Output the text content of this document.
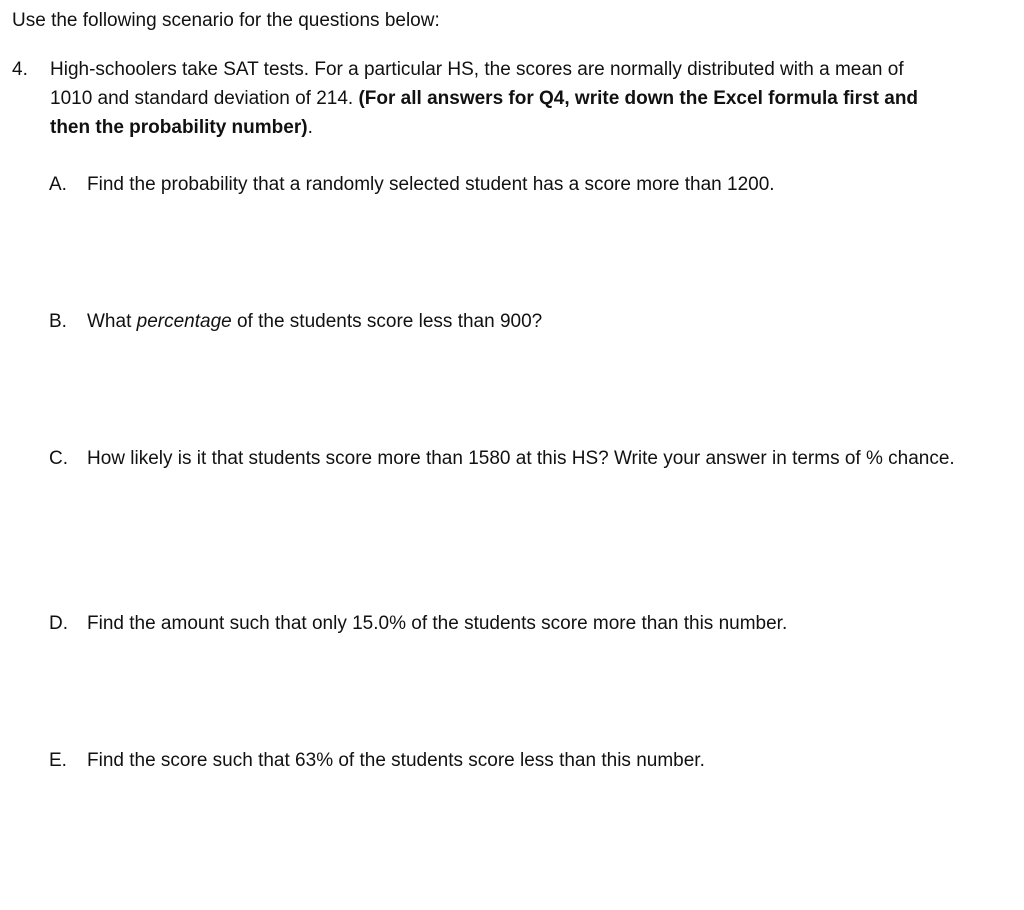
Use the following scenario for the questions below:
4. High-schoolers take SAT tests. For a particular HS, the scores are normally distributed with a mean of 1010 and standard deviation of 214. (For all answers for Q4, write down the Excel formula first and then the probability number).
A. Find the probability that a randomly selected student has a score more than 1200.
B. What percentage of the students score less than 900?
C. How likely is it that students score more than 1580 at this HS? Write your answer in terms of % chance.
D. Find the amount such that only 15.0% of the students score more than this number.
E. Find the score such that 63% of the students score less than this number.
